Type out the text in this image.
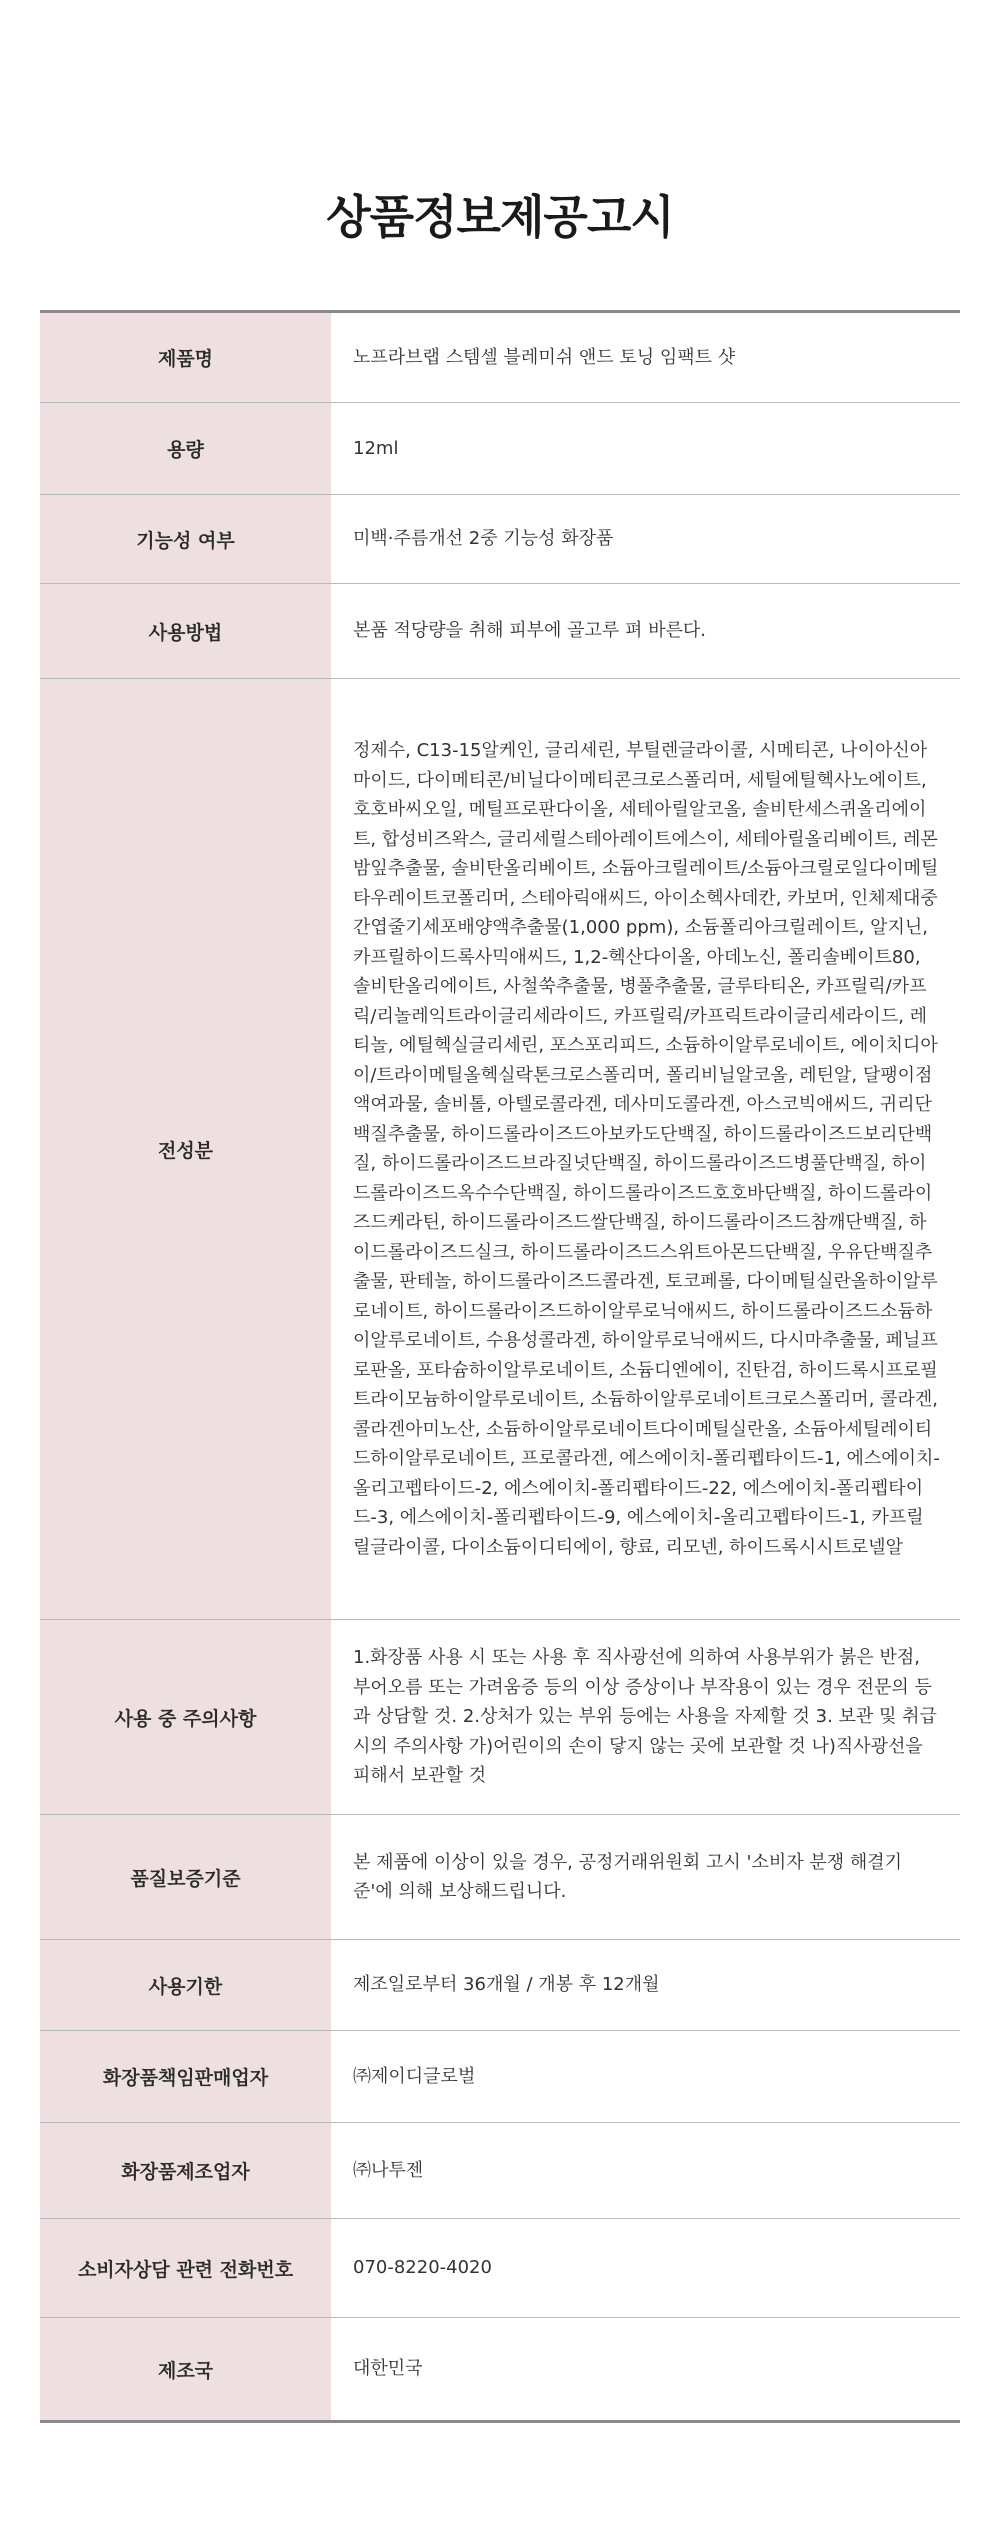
상품정보제공고시
제품명	노프라브랩 스템셀 블레미쉬 앤드 토닝 임팩트 샷
용량	12ml
기능성 여부	미백·주름개선 2중 기능성 화장품
사용방법	본품 적당량을 취해 피부에 골고루 펴 바른다.
전성분	정제수, C13-15알케인, 글리세린, 부틸렌글라이콜, 시메티콘, 나이아신아마이드, 다이메티콘/비닐다이메티콘크로스폴리머, 세틸에틸헥사노에이트, 호호바씨오일, 메틸프로판다이올, 세테아릴알코올, 솔비탄세스퀴올리에이트, 합성비즈왁스, 글리세릴스테아레이트에스이, 세테아릴올리베이트, 레몬밤잎추출물, 솔비탄올리베이트, 소듐아크릴레이트/소듐아크릴로일다이메틸타우레이트코폴리머, 스테아릭애씨드, 아이소헥사데칸, 카보머, 인체제대중간엽줄기세포배양액추출물(1,000 ppm), 소듐폴리아크릴레이트, 알지닌, 카프릴하이드록사믹애씨드, 1,2-헥산다이올, 아데노신, 폴리솔베이트80, 솔비탄올리에이트, 사철쑥추출물, 병풀추출물, 글루타티온, 카프릴릭/카프릭/리놀레익트라이글리세라이드, 카프릴릭/카프릭트라이글리세라이드, 레티놀, 에틸헥실글리세린, 포스포리피드, 소듐하이알루로네이트, 에이치디아이/트라이메틸올헥실락톤크로스폴리머, 폴리비닐알코올, 레틴알, 달팽이점액여과물, 솔비톨, 아텔로콜라겐, 데사미도콜라겐, 아스코빅애씨드, 귀리단백질추출물, 하이드롤라이즈드아보카도단백질, 하이드롤라이즈드보리단백질, 하이드롤라이즈드브라질넛단백질, 하이드롤라이즈드병풀단백질, 하이드롤라이즈드옥수수단백질, 하이드롤라이즈드호호바단백질, 하이드롤라이즈드케라틴, 하이드롤라이즈드쌀단백질, 하이드롤라이즈드참깨단백질, 하이드롤라이즈드실크, 하이드롤라이즈드스위트아몬드단백질, 우유단백질추출물, 판테놀, 하이드롤라이즈드콜라겐, 토코페롤, 다이메틸실란올하이알루로네이트, 하이드롤라이즈드하이알루로닉애씨드, 하이드롤라이즈드소듐하이알루로네이트, 수용성콜라겐, 하이알루로닉애씨드, 다시마추출물, 페닐프로판올, 포타슘하이알루로네이트, 소듐디엔에이, 진탄검, 하이드록시프로필트라이모늄하이알루로네이트, 소듐하이알루로네이트크로스폴리머, 콜라겐, 콜라겐아미노산, 소듐하이알루로네이트다이메틸실란올, 소듐아세틸레이티드하이알루로네이트, 프로콜라겐, 에스에이치-폴리펩타이드-1, 에스에이치-올리고펩타이드-2, 에스에이치-폴리펩타이드-22, 에스에이치-폴리펩타이드-3, 에스에이치-폴리펩타이드-9, 에스에이치-올리고펩타이드-1, 카프릴릴글라이콜, 다이소듐이디티에이, 향료, 리모넨, 하이드록시시트로넬알
사용 중 주의사항	1.화장품 사용 시 또는 사용 후 직사광선에 의하여 사용부위가 붉은 반점, 부어오름 또는 가려움증 등의 이상 증상이나 부작용이 있는 경우 전문의 등과 상담할 것. 2.상처가 있는 부위 등에는 사용을 자제할 것 3. 보관 및 취급 시의 주의사항 가)어린이의 손이 닿지 않는 곳에 보관할 것 나)직사광선을 피해서 보관할 것
품질보증기준	본 제품에 이상이 있을 경우, 공정거래위원회 고시 '소비자 분쟁 해결기준'에 의해 보상해드립니다.
사용기한	제조일로부터 36개월 / 개봉 후 12개월
화장품책임판매업자	㈜제이디글로벌
화장품제조업자	㈜나투젠
소비자상담 관련 전화번호	070-8220-4020
제조국	대한민국
